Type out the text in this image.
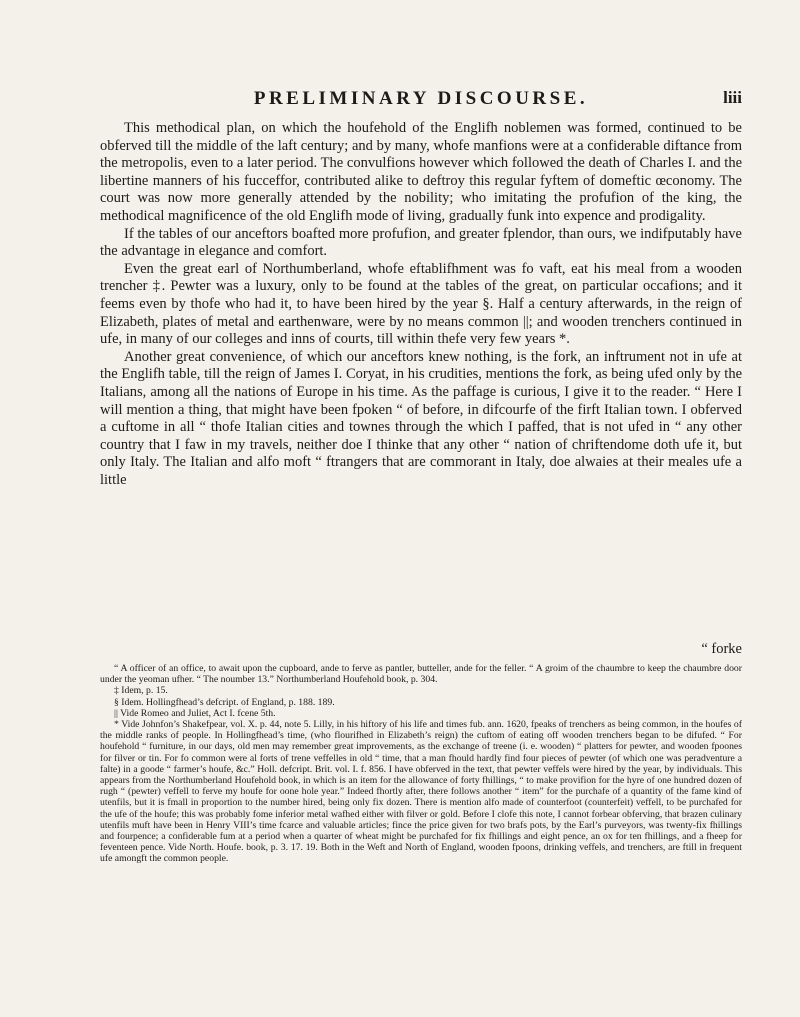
PRELIMINARY DISCOURSE.	liii

This methodical plan, on which the houfehold of the Englifh noblemen was formed, continued to be obferved till the middle of the laft century; and by many, whofe manfions were at a confiderable diftance from the metropolis, even to a later period. The convulfions however which followed the death of Charles I. and the libertine manners of his fucceffor, contributed alike to deftroy this regular fyftem of domeftic œconomy. The court was now more generally attended by the nobility; who imitating the profufion of the king, the methodical magnificence of the old Englifh mode of living, gradually funk into expence and prodigality.

If the tables of our anceftors boafted more profufion, and greater fplendor, than ours, we indifputably have the advantage in elegance and comfort.

Even the great earl of Northumberland, whofe eftablifhment was fo vaft, eat his meal from a wooden trencher ‡. Pewter was a luxury, only to be found at the tables of the great, on particular occafions; and it feems even by thofe who had it, to have been hired by the year §. Half a century afterwards, in the reign of Elizabeth, plates of metal and earthenware, were by no means common ||; and wooden trenchers continued in ufe, in many of our colleges and inns of courts, till within thefe very few years *.

Another great convenience, of which our anceftors knew nothing, is the fork, an inftrument not in ufe at the Englifh table, till the reign of James I. Coryat, in his crudities, mentions the fork, as being ufed only by the Italians, among all the nations of Europe in his time. As the paffage is curious, I give it to the reader. “ Here I will mention a thing, that might have been fpoken “ of before, in difcourfe of the firft Italian town. I obferved a cuftome in all “ thofe Italian cities and townes through the which I paffed, that is not ufed in “ any other country that I faw in my travels, neither doe I thinke that any other “ nation of chriftendome doth ufe it, but only Italy. The Italian and alfo moft “ ftrangers that are commorant in Italy, doe alwaies at their meales ufe a little

“ forke

“ A officer of an office, to await upon the cupboard, ande to ferve as pantler, butteller, ande for the feller. “ A groim of the chaumbre to keep the chaumbre door under the yeoman ufher. “ The noumber 13.” Northumberland Houfehold book, p. 304.

‡ Idem, p. 15.

§ Idem. Hollingfhead’s defcript. of England, p. 188. 189.

|| Vide Romeo and Juliet, Act I. fcene 5th.

* Vide Johnfon’s Shakefpear, vol. X. p. 44, note 5. Lilly, in his hiftory of his life and times fub. ann. 1620, fpeaks of trenchers as being common, in the houfes of the middle ranks of people. In Hollingfhead’s time, (who flourifhed in Elizabeth’s reign) the cuftom of eating off wooden trenchers began to be difufed. “ For houfehold “ furniture, in our days, old men may remember great improvements, as the exchange of treene (i. e. wooden) “ platters for pewter, and wooden fpoones for filver or tin. For fo common were al forts of trene veffelles in old “ time, that a man fhould hardly find four pieces of pewter (of which one was peradventure a falte) in a goode “ farmer’s houfe, &c.” Holl. defcript. Brit. vol. I. f. 856. I have obferved in the text, that pewter veffels were hired by the year, by individuals. This appears from the Northumberland Houfehold book, in which is an item for the allowance of forty fhillings, “ to make provifion for the hyre of one hundred dozen of rugh “ (pewter) veffell to ferve my houfe for oone hole year.” Indeed fhortly after, there follows another “ item” for the purchafe of a quantity of the fame kind of utenfils, but it is fmall in proportion to the number hired, being only fix dozen. There is mention alfo made of counterfoot (counterfeit) veffell, to be purchafed for the ufe of the houfe; this was probably fome inferior metal wafhed either with filver or gold. Before I clofe this note, I cannot forbear obferving, that brazen culinary utenfils muft have been in Henry VIII’s time fcarce and valuable articles; fince the price given for two brafs pots, by the Earl’s purveyors, was twenty-fix fhillings and fourpence; a confiderable fum at a period when a quarter of wheat might be purchafed for fix fhillings and eight pence, an ox for ten fhillings, and a fheep for feventeen pence. Vide North. Houfe. book, p. 3. 17. 19. Both in the Weft and North of England, wooden fpoons, drinking veffels, and trenchers, are ftill in frequent ufe amongft the common people.
